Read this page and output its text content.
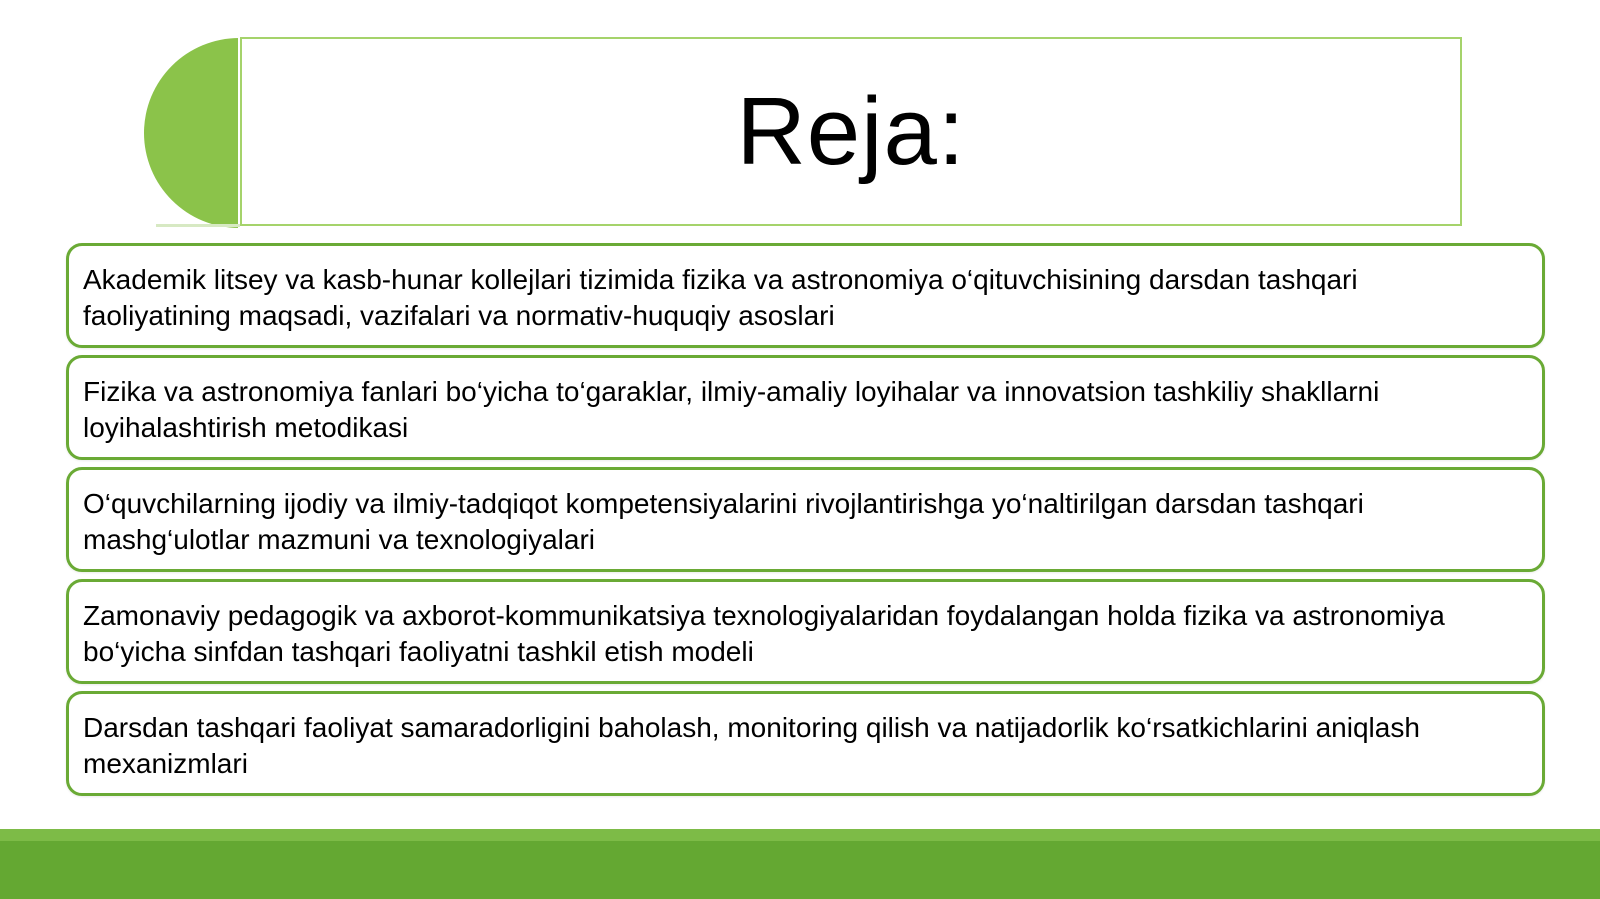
Reja:
Akademik litsey va kasb-hunar kollejlari tizimida fizika va astronomiya o‘qituvchisining darsdan tashqari faoliyatining maqsadi, vazifalari va normativ-huquqiy asoslari
Fizika va astronomiya fanlari bo‘yicha to‘garaklar, ilmiy-amaliy loyihalar va innovatsion tashkiliy shakllarni loyihalashtirish metodikasi
O‘quvchilarning ijodiy va ilmiy-tadqiqot kompetensiyalarini rivojlantirishga yo‘naltirilgan darsdan tashqari mashg‘ulotlar mazmuni va texnologiyalari
Zamonaviy pedagogik va axborot-kommunikatsiya texnologiyalaridan foydalangan holda fizika va astronomiya bo‘yicha sinfdan tashqari faoliyatni tashkil etish modeli
Darsdan tashqari faoliyat samaradorligini baholash, monitoring qilish va natijadorlik ko‘rsatkichlarini aniqlash mexanizmlari
